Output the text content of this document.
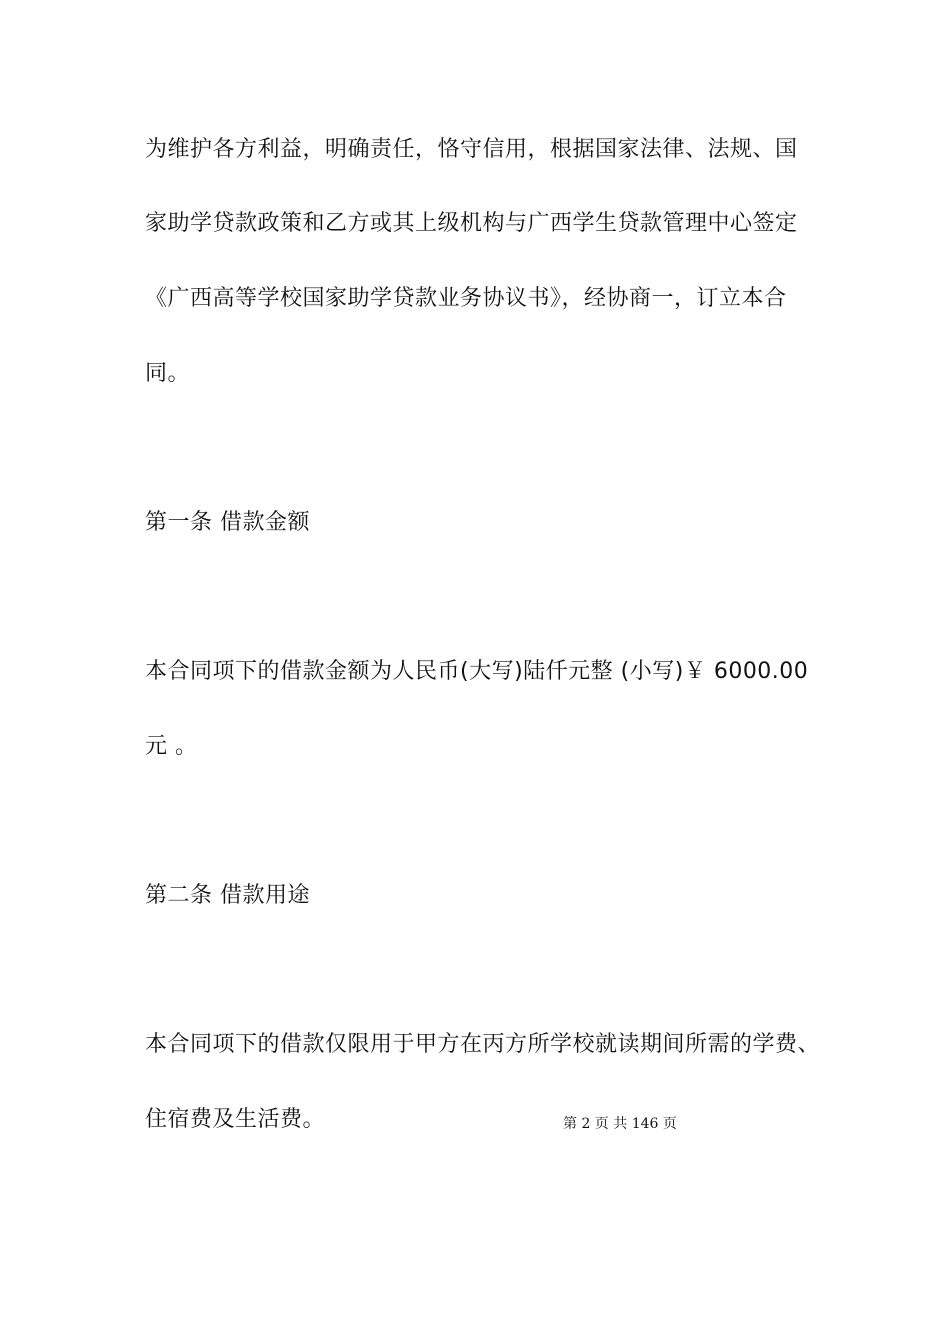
为维护各方利益，明确责任，恪守信用，根据国家法律、法规、国
家助学贷款政策和乙方或其上级机构与广西学生贷款管理中心签定
《广西高等学校国家助学贷款业务协议书》，经协商一，订立本合
同。
第一条 借款金额
本合同项下的借款金额为人民币(大写)陆仟元整 (小写)￥ 6000.00
元 。
第二条 借款用途
本合同项下的借款仅限用于甲方在丙方所学校就读期间所需的学费、
住宿费及生活费。	第 2 页 共 146 页
